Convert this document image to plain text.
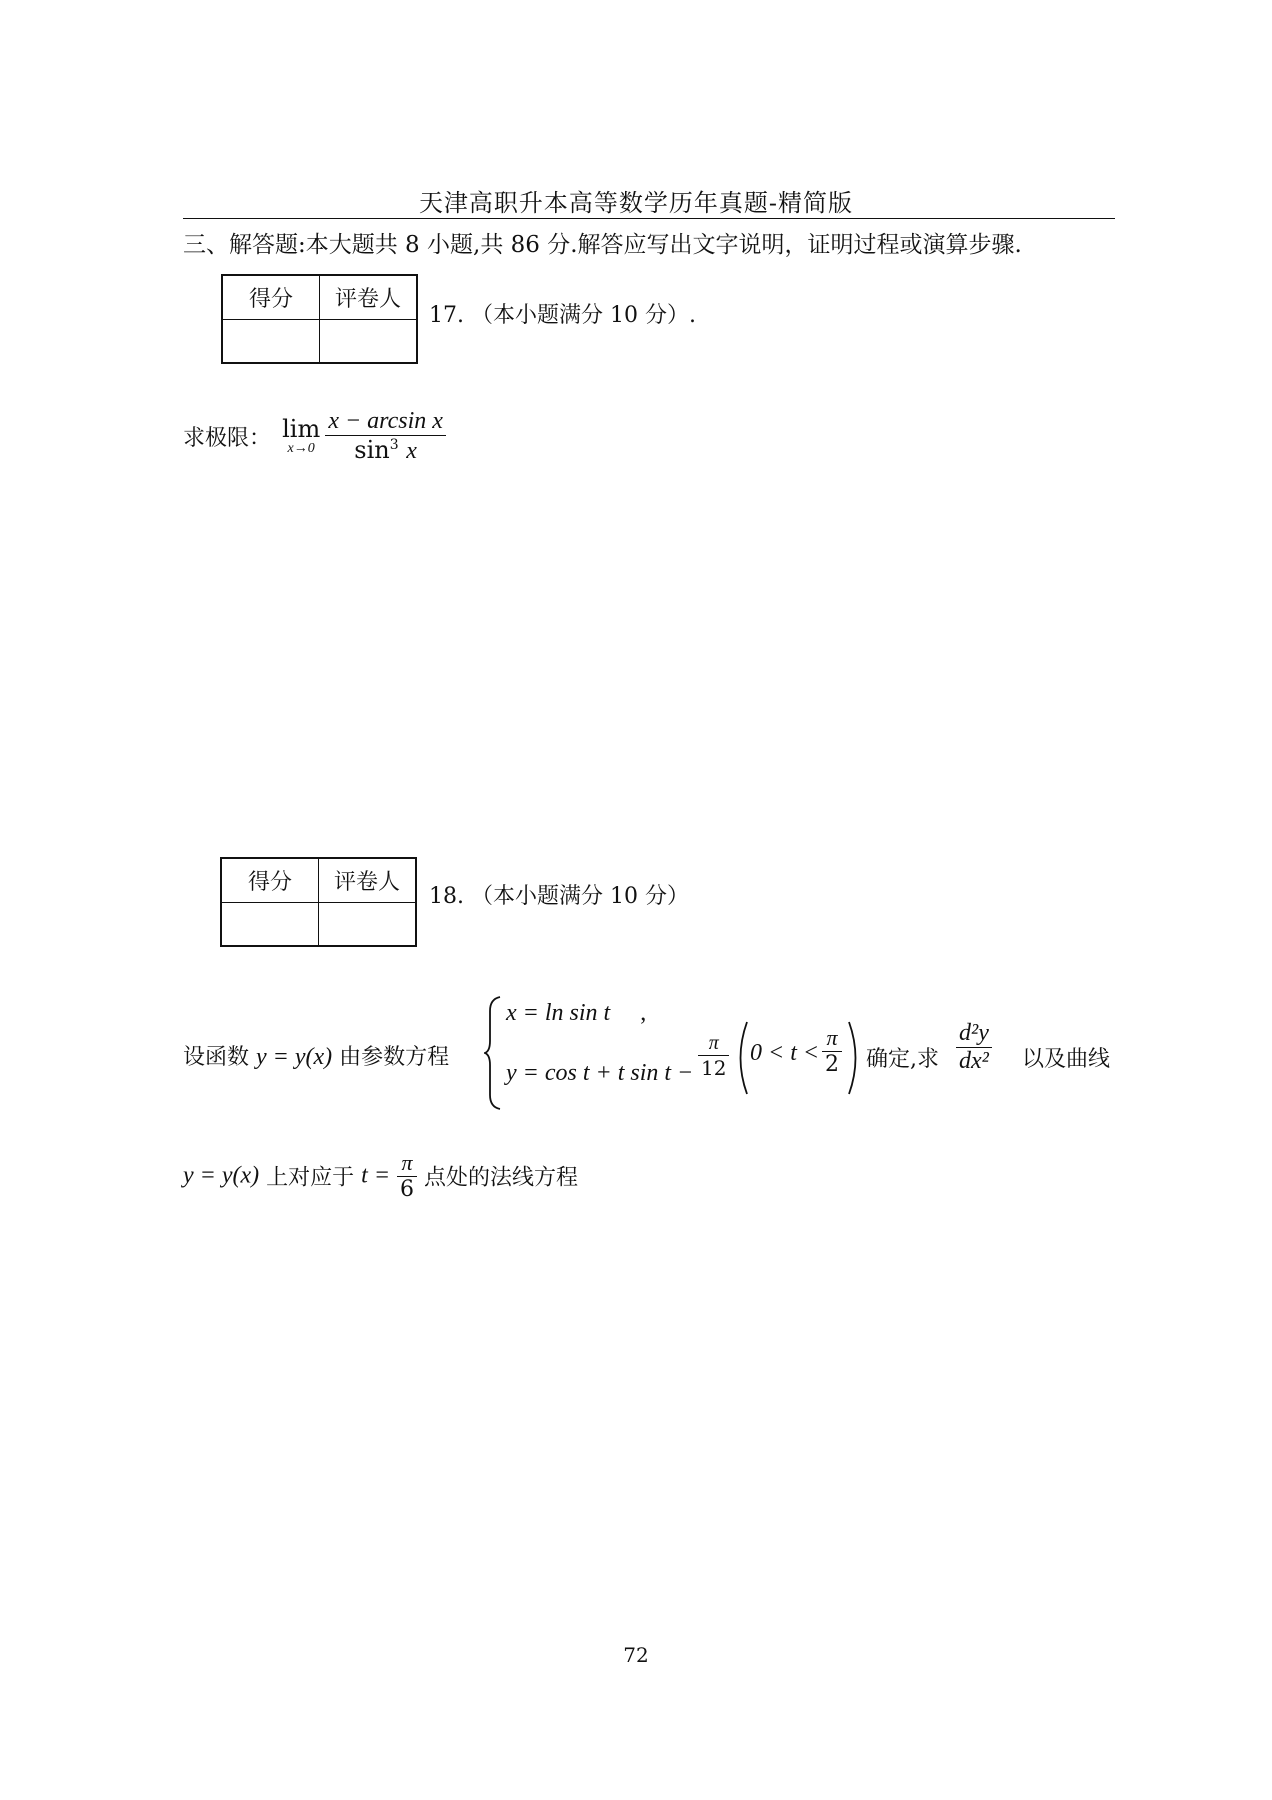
天津高职升本高等数学历年真题-精简版
三、解答题:本大题共 8 小题,共 86 分.解答应写出文字说明，证明过程或演算步骤.
得分	评卷人

17. （本小题满分 10 分）.
求极限： lim
x→0
$\frac{\text{x − arcsin x}}{\sin^3 x}$
得分	评卷人

18. （本小题满分 10 分）
设函数 y = y(x) 由参数方程
x = ln sin t ,
y = cos t + t $\sin t - \frac{\pi}{12} 0 < t < \frac{\pi}{2}$ 确定,求 $\frac{\text{d²y}}{\text{dx²}}$ 以及曲线
y = y(x) 上对应于 $t = \frac{\pi}{6}$ 点处的法线方程
72
